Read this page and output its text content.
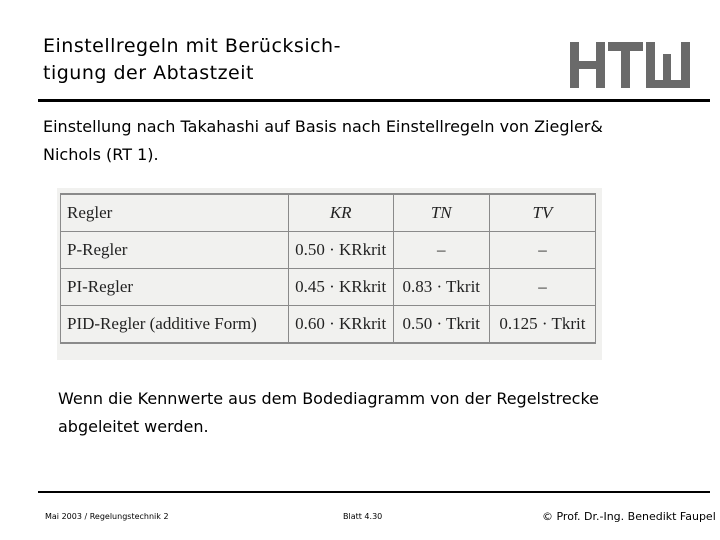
Einstellregeln mit Berücksich-
tigung der Abtastzeit
Einstellung nach Takahashi auf Basis nach Einstellregeln von Ziegler&
Nichols (RT 1).
Regler	KR	TN	TV
P-Regler	0.50 · KRkrit	–	–
PI-Regler	0.45 · KRkrit	0.83 · Tkrit	–
PID-Regler (additive Form)	0.60 · KRkrit	0.50 · Tkrit	0.125 · Tkrit
Wenn die Kennwerte aus dem Bodediagramm von der Regelstrecke
abgeleitet werden.
Mai 2003 / Regelungstechnik 2	Blatt 4.30	© Prof. Dr.-Ing. Benedikt Faupel
